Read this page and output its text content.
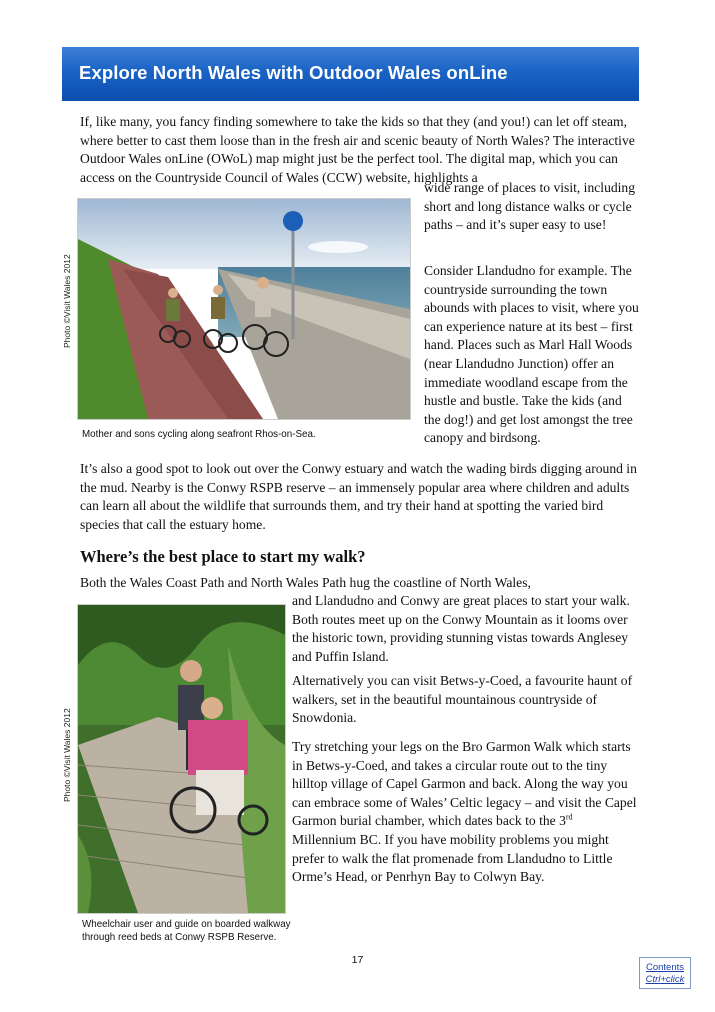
Explore North Wales with Outdoor Wales onLine

If, like many, you fancy finding somewhere to take the kids so that they (and you!) can let off steam, where better to cast them loose than in the fresh air and scenic beauty of North Wales? The interactive Outdoor Wales onLine (OWoL) map might just be the perfect tool. The digital map, which you can access on the Countryside Council of Wales (CCW) website, highlights a

wide range of places to visit, including short and long distance walks or cycle paths – and it’s super easy to use!

Photo ©Visit Wales 2012
Mother and sons cycling along seafront Rhos-on-Sea.

Consider Llandudno for example. The countryside surrounding the town abounds with places to visit, where you can experience nature at its best – first hand. Places such as Marl Hall Woods (near Llandudno Junction) offer an immediate woodland escape from the hustle and bustle. Take the kids (and the dog!) and get lost amongst the tree canopy and birdsong.

It’s also a good spot to look out over the Conwy estuary and watch the wading birds digging around in the mud. Nearby is the Conwy RSPB reserve – an immensely popular area where children and adults can learn all about the wildlife that surrounds them, and try their hand at spotting the varied bird species that call the estuary home.

Where’s the best place to start my walk?

Both the Wales Coast Path and North Wales Path hug the coastline of North Wales,

and Llandudno and Conwy are great places to start your walk. Both routes meet up on the Conwy Mountain as it looms over the historic town, providing stunning vistas towards Anglesey and Puffin Island.

Photo ©Visit Wales 2012
Wheelchair user and guide on boarded walkway
through reed beds at Conwy RSPB Reserve.

Alternatively you can visit Betws-y-Coed, a favourite haunt of walkers, set in the beautiful mountainous countryside of Snowdonia.

Try stretching your legs on the Bro Garmon Walk which starts in Betws-y-Coed, and takes a circular route out to the tiny hilltop village of Capel Garmon and back. Along the way you can embrace some of Wales’ Celtic legacy – and visit the Capel Garmon burial chamber, which dates back to the 3rd Millennium BC. If you have mobility problems you might prefer to walk the flat promenade from Llandudno to Little Orme’s Head, or Penrhyn Bay to Colwyn Bay.

17
Contents
Ctrl+click
